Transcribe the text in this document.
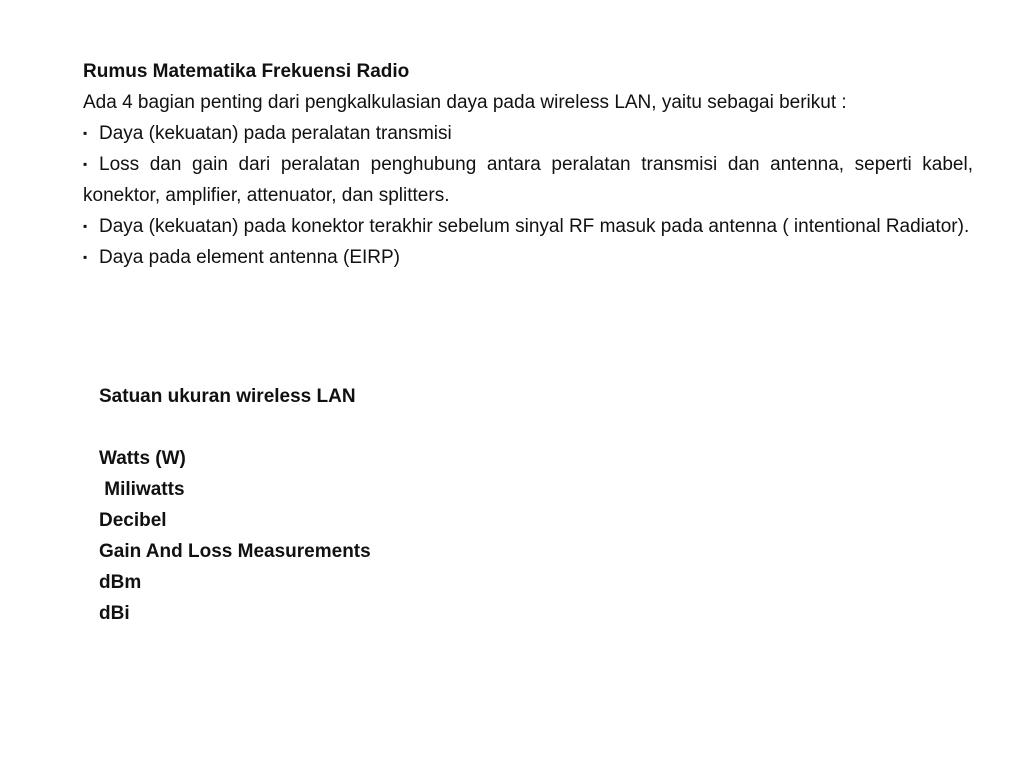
Rumus Matematika Frekuensi Radio

Ada 4 bagian penting dari pengkalkulasian daya pada wireless LAN, yaitu sebagai berikut :

▪ Daya (kekuatan) pada peralatan transmisi

▪ Loss dan gain dari peralatan penghubung antara peralatan transmisi dan antenna, seperti kabel, konektor, amplifier, attenuator, dan splitters.

▪ Daya (kekuatan) pada konektor terakhir sebelum sinyal RF masuk pada antenna ( intentional Radiator).

▪ Daya pada element antenna (EIRP)

Satuan ukuran wireless LAN
Watts (W)
Miliwatts
Decibel
Gain And Loss Measurements
dBm
dBi
